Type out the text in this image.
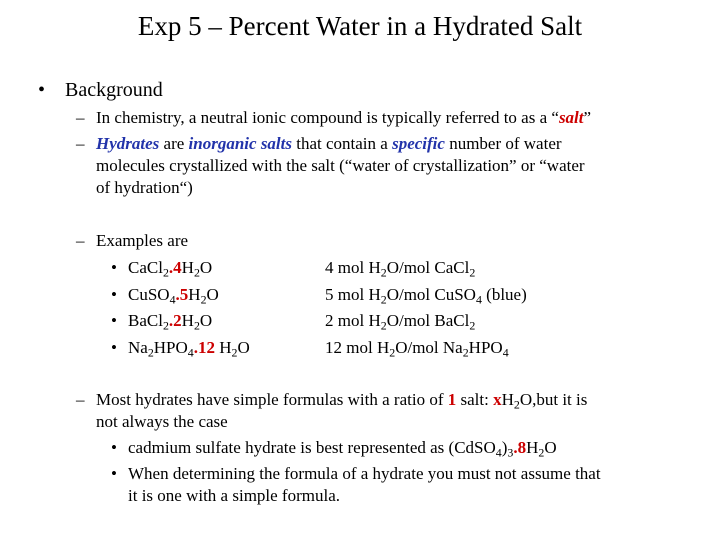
Exp 5 – Percent Water in a Hydrated Salt
• Background
– In chemistry, a neutral ionic compound is typically referred to as a “salt”
– Hydrates are inorganic salts that contain a specific number of water
molecules crystallized with the salt (“water of crystallization” or “water
of hydration“)
– Examples are
• $CaCl_2.4H_2O$	4 mol $H_2O$/mol CaCl$_2$
• $CuSO_4.5H_2O$	5 mol $H_2O$/mol CuSO$_4$ (blue)
• $BaCl_2.2H_2O$	2 mol $H_2O$/mol BaCl$_2$
• $Na_2HPO_4.12$ $H_2O$	12 mol $H_2O$/mol $Na_2HPO_4$
– Most hydrates have simple formulas with a ratio of 1 salt: $xH_2O,but$ it is
not always the case
• cadmium sulfate hydrate is best represented as $(CdSO_4)_3.8H_2O$
• When determining the formula of a hydrate you must not assume that
it is one with a simple formula.
